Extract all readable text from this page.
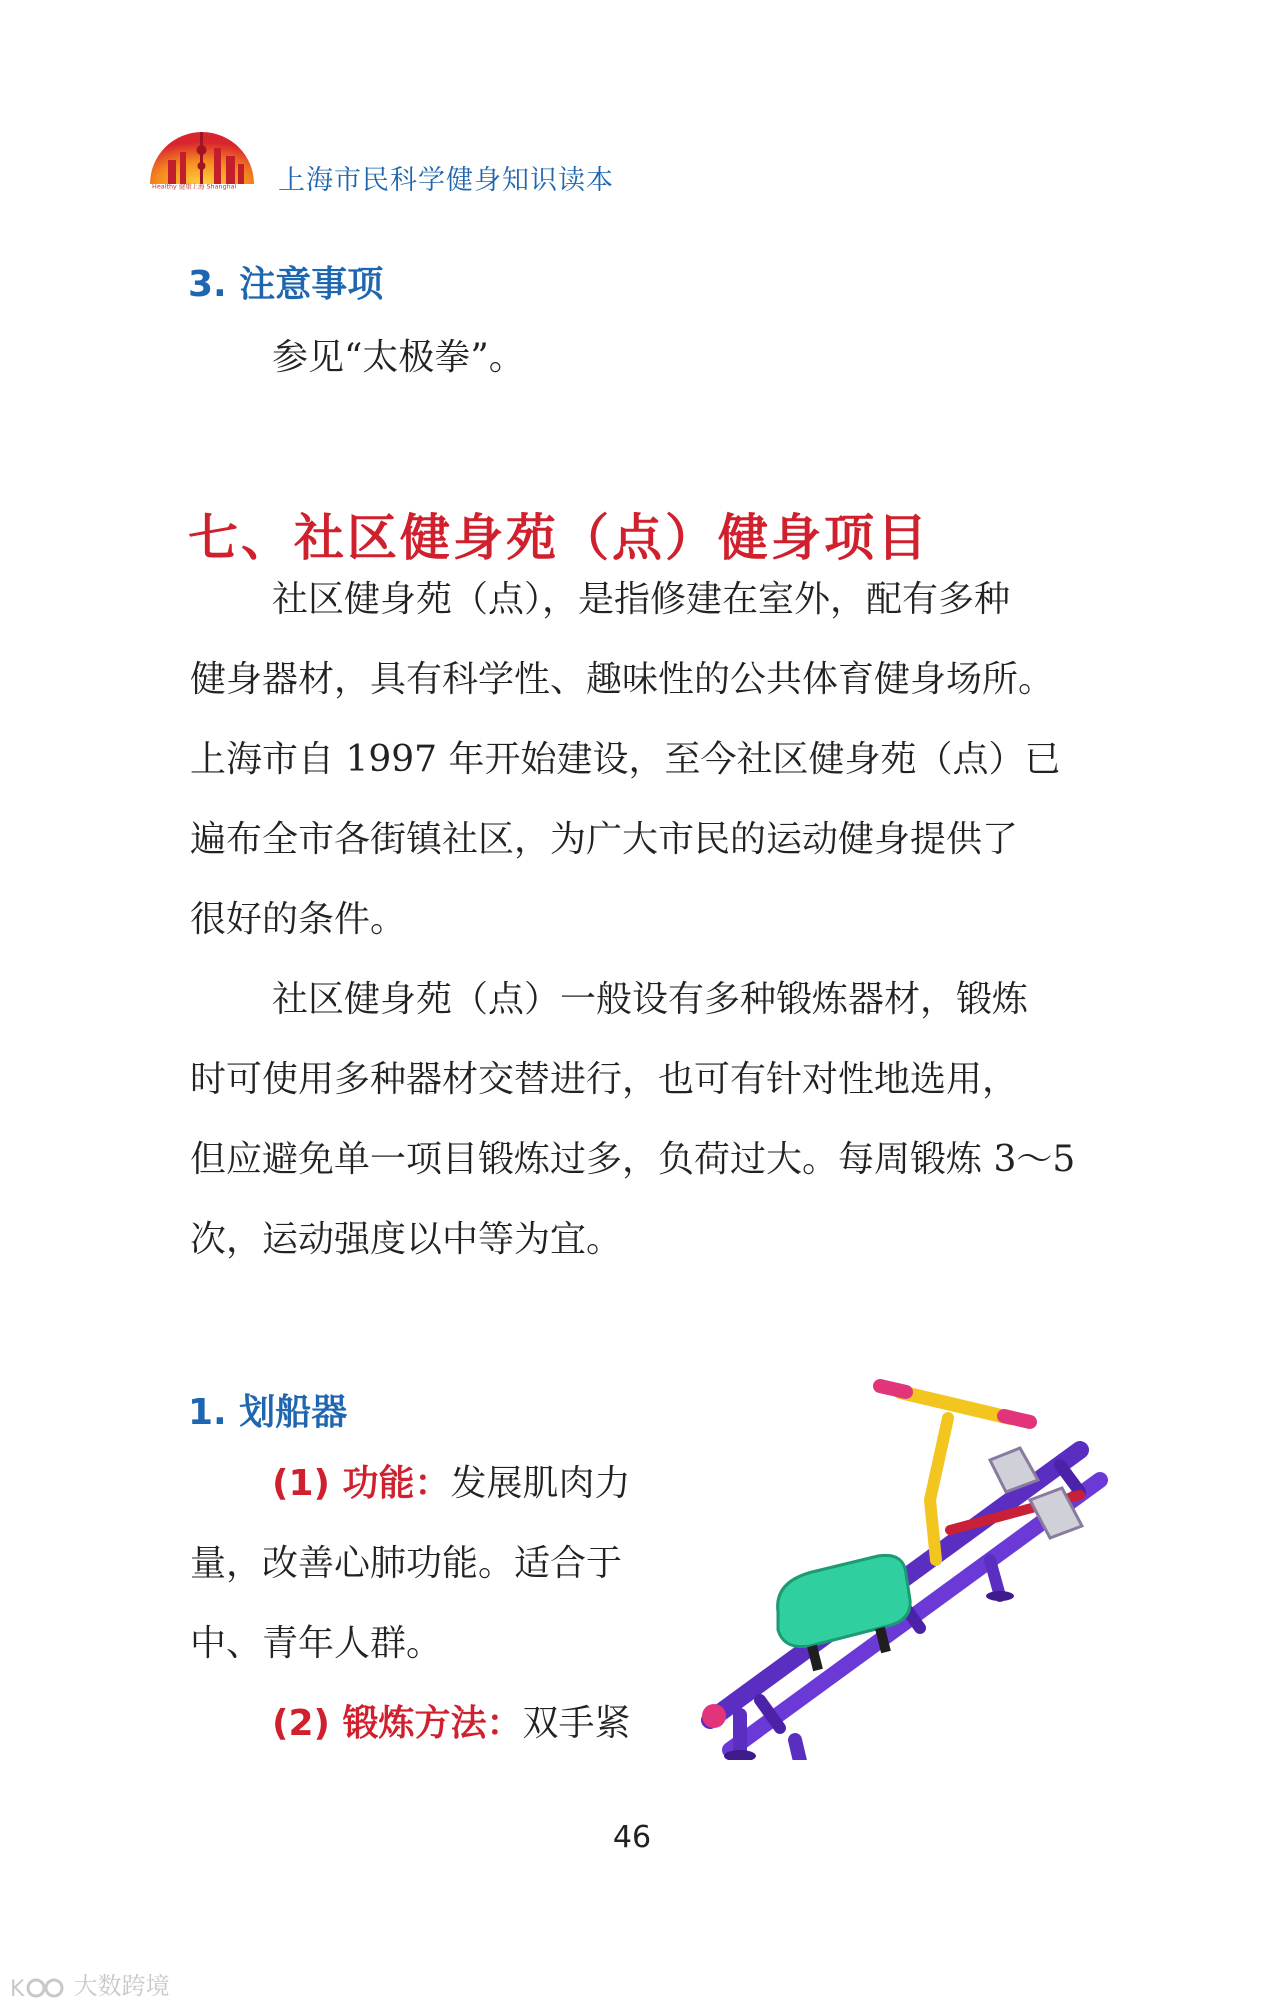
Healthy 健康上海 Shanghai 上海市民科学健身知识读本
3. 注意事项
参见“太极拳”。
七、社区健身苑（点）健身项目
社区健身苑（点），是指修建在室外，配有多种
健身器材，具有科学性、趣味性的公共体育健身场所。
上海市自 1997 年开始建设，至今社区健身苑（点）已
遍布全市各街镇社区，为广大市民的运动健身提供了
很好的条件。
社区健身苑（点）一般设有多种锻炼器材，锻炼
时可使用多种器材交替进行，也可有针对性地选用，
但应避免单一项目锻炼过多，负荷过大。每周锻炼 3～5
次，运动强度以中等为宜。
1. 划船器
(1) 功能：发展肌肉力
量，改善心肺功能。适合于
中、青年人群。
(2) 锻炼方法：双手紧
46
K 大数跨境
